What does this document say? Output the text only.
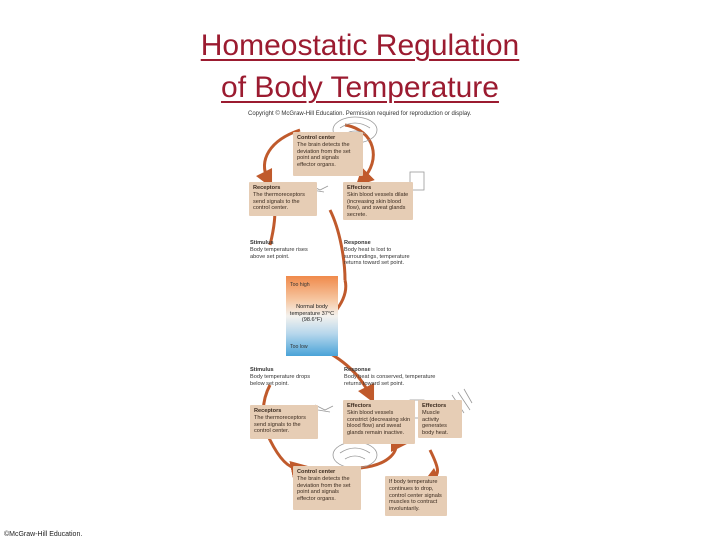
Homeostatic Regulation
of Body Temperature
Copyright © McGraw-Hill Education. Permission required for reproduction or display.
Control center
The brain detects the deviation from the set point and signals effector organs.
Receptors
The thermoreceptors send signals to the control center.
Effectors
Skin blood vessels dilate (increasing skin blood flow), and sweat glands secrete.
Stimulus
Body temperature rises above set point.
Response
Body heat is lost to surroundings, temperature returns toward set point.
Too high
Normal body temperature 37°C (98.6°F)
Too low
Stimulus
Body temperature drops below set point.
Response
Body heat is conserved, temperature returns toward set point.
Receptors
The thermoreceptors send signals to the control center.
Effectors
Skin blood vessels constrict (decreasing skin blood flow) and sweat glands remain inactive.
Effectors
Muscle activity generates body heat.
Control center
The brain detects the deviation from the set point and signals effector organs.
If body temperature continues to drop, control center signals muscles to contract involuntarily.
©McGraw-Hill Education.
